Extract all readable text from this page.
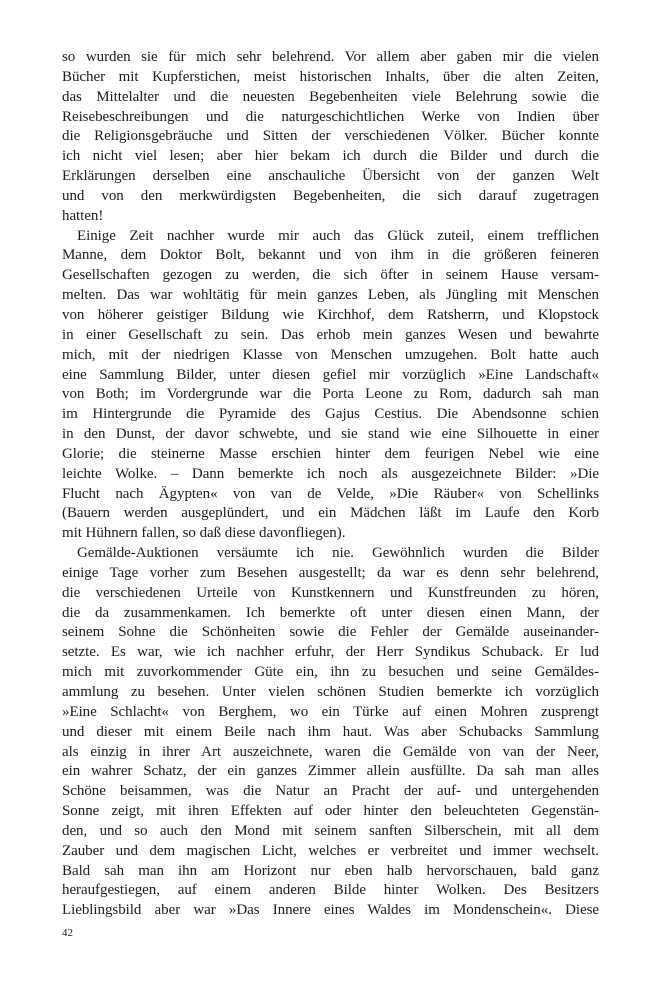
so wurden sie für mich sehr belehrend. Vor allem aber gaben mir die vielen
Bücher mit Kupferstichen, meist historischen Inhalts, über die alten Zeiten,
das Mittelalter und die neuesten Begebenheiten viele Belehrung sowie die
Reisebeschreibungen und die naturgeschichtlichen Werke von Indien über
die Religionsgebräuche und Sitten der verschiedenen Völker. Bücher konnte
ich nicht viel lesen; aber hier bekam ich durch die Bilder und durch die
Erklärungen derselben eine anschauliche Übersicht von der ganzen Welt
und von den merkwürdigsten Begebenheiten, die sich darauf zugetragen
hatten!
Einige Zeit nachher wurde mir auch das Glück zuteil, einem trefflichen
Manne, dem Doktor Bolt, bekannt und von ihm in die größeren feineren
Gesellschaften gezogen zu werden, die sich öfter in seinem Hause versam-
melten. Das war wohltätig für mein ganzes Leben, als Jüngling mit Menschen
von höherer geistiger Bildung wie Kirchhof, dem Ratsherrn, und Klopstock
in einer Gesellschaft zu sein. Das erhob mein ganzes Wesen und bewahrte
mich, mit der niedrigen Klasse von Menschen umzugehen. Bolt hatte auch
eine Sammlung Bilder, unter diesen gefiel mir vorzüglich »Eine Landschaft«
von Both; im Vordergrunde war die Porta Leone zu Rom, dadurch sah man
im Hintergrunde die Pyramide des Gajus Cestius. Die Abendsonne schien
in den Dunst, der davor schwebte, und sie stand wie eine Silhouette in einer
Glorie; die steinerne Masse erschien hinter dem feurigen Nebel wie eine
leichte Wolke. – Dann bemerkte ich noch als ausgezeichnete Bilder: »Die
Flucht nach Ägypten« von van de Velde, »Die Räuber« von Schellinks
(Bauern werden ausgeplündert, und ein Mädchen läßt im Laufe den Korb
mit Hühnern fallen, so daß diese davonfliegen).
Gemälde-Auktionen versäumte ich nie. Gewöhnlich wurden die Bilder
einige Tage vorher zum Besehen ausgestellt; da war es denn sehr belehrend,
die verschiedenen Urteile von Kunstkennern und Kunstfreunden zu hören,
die da zusammenkamen. Ich bemerkte oft unter diesen einen Mann, der
seinem Sohne die Schönheiten sowie die Fehler der Gemälde auseinander-
setzte. Es war, wie ich nachher erfuhr, der Herr Syndikus Schuback. Er lud
mich mit zuvorkommender Güte ein, ihn zu besuchen und seine Gemäldes-
ammlung zu besehen. Unter vielen schönen Studien bemerkte ich vorzüglich
»Eine Schlacht« von Berghem, wo ein Türke auf einen Mohren zusprengt
und dieser mit einem Beile nach ihm haut. Was aber Schubacks Sammlung
als einzig in ihrer Art auszeichnete, waren die Gemälde von van der Neer,
ein wahrer Schatz, der ein ganzes Zimmer allein ausfüllte. Da sah man alles
Schöne beisammen, was die Natur an Pracht der auf- und untergehenden
Sonne zeigt, mit ihren Effekten auf oder hinter den beleuchteten Gegenstän-
den, und so auch den Mond mit seinem sanften Silberschein, mit all dem
Zauber und dem magischen Licht, welches er verbreitet und immer wechselt.
Bald sah man ihn am Horizont nur eben halb hervorschauen, bald ganz
heraufgestiegen, auf einem anderen Bilde hinter Wolken. Des Besitzers
Lieblingsbild aber war »Das Innere eines Waldes im Mondenschein«. Diese
42
